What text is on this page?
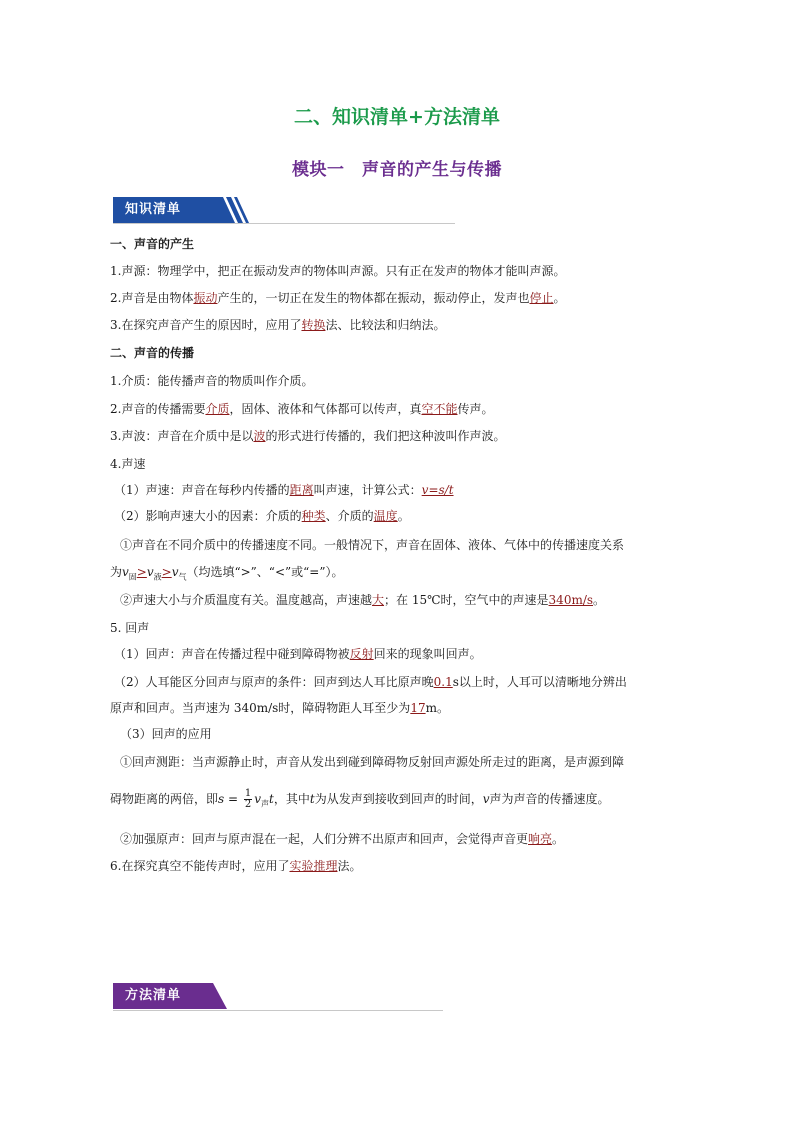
二、知识清单+方法清单
模块一　声音的产生与传播
知识清单
一、声音的产生
1.声源：物理学中，把正在振动发声的物体叫声源。只有正在发声的物体才能叫声源。
2.声音是由物体振动产生的，一切正在发生的物体都在振动，振动停止，发声也停止。
3.在探究声音产生的原因时，应用了转换法、比较法和归纳法。
二、声音的传播
1.介质：能传播声音的物质叫作介质。
2.声音的传播需要介质，固体、液体和气体都可以传声，真空不能传声。
3.声波：声音在介质中是以波的形式进行传播的，我们把这种波叫作声波。
4.声速
（1）声速：声音在每秒内传播的距离叫声速，计算公式：v=s/t
（2）影响声速大小的因素：介质的种类、介质的温度。
①声音在不同介质中的传播速度不同。一般情况下，声音在固体、液体、气体中的传播速度关系
为$v_固>v_液>v_气$（均选填“>”、“<”或“=”）。
②声速大小与介质温度有关。温度越高，声速越大；在 15℃时，空气中的声速是340m/s。
5. 回声
（1）回声：声音在传播过程中碰到障碍物被反射回来的现象叫回声。
（2）人耳能区分回声与原声的条件：回声到达人耳比原声晚0.1s以上时，人耳可以清晰地分辨出
原声和回声。当声速为 340m/s时，障碍物距人耳至少为17m。
（3）回声的应用
①回声测距：当声源静止时，声音从发出到碰到障碍物反射回声源处所走过的距离，是声源到障
碍物距离的两倍，即$s = \frac{1}{2} v_声t$，其中t为从发声到接收到回声的时间，v声为声音的传播速度。
②加强原声：回声与原声混在一起，人们分辨不出原声和回声，会觉得声音更响亮。
6.在探究真空不能传声时，应用了实验推理法。
方法清单
